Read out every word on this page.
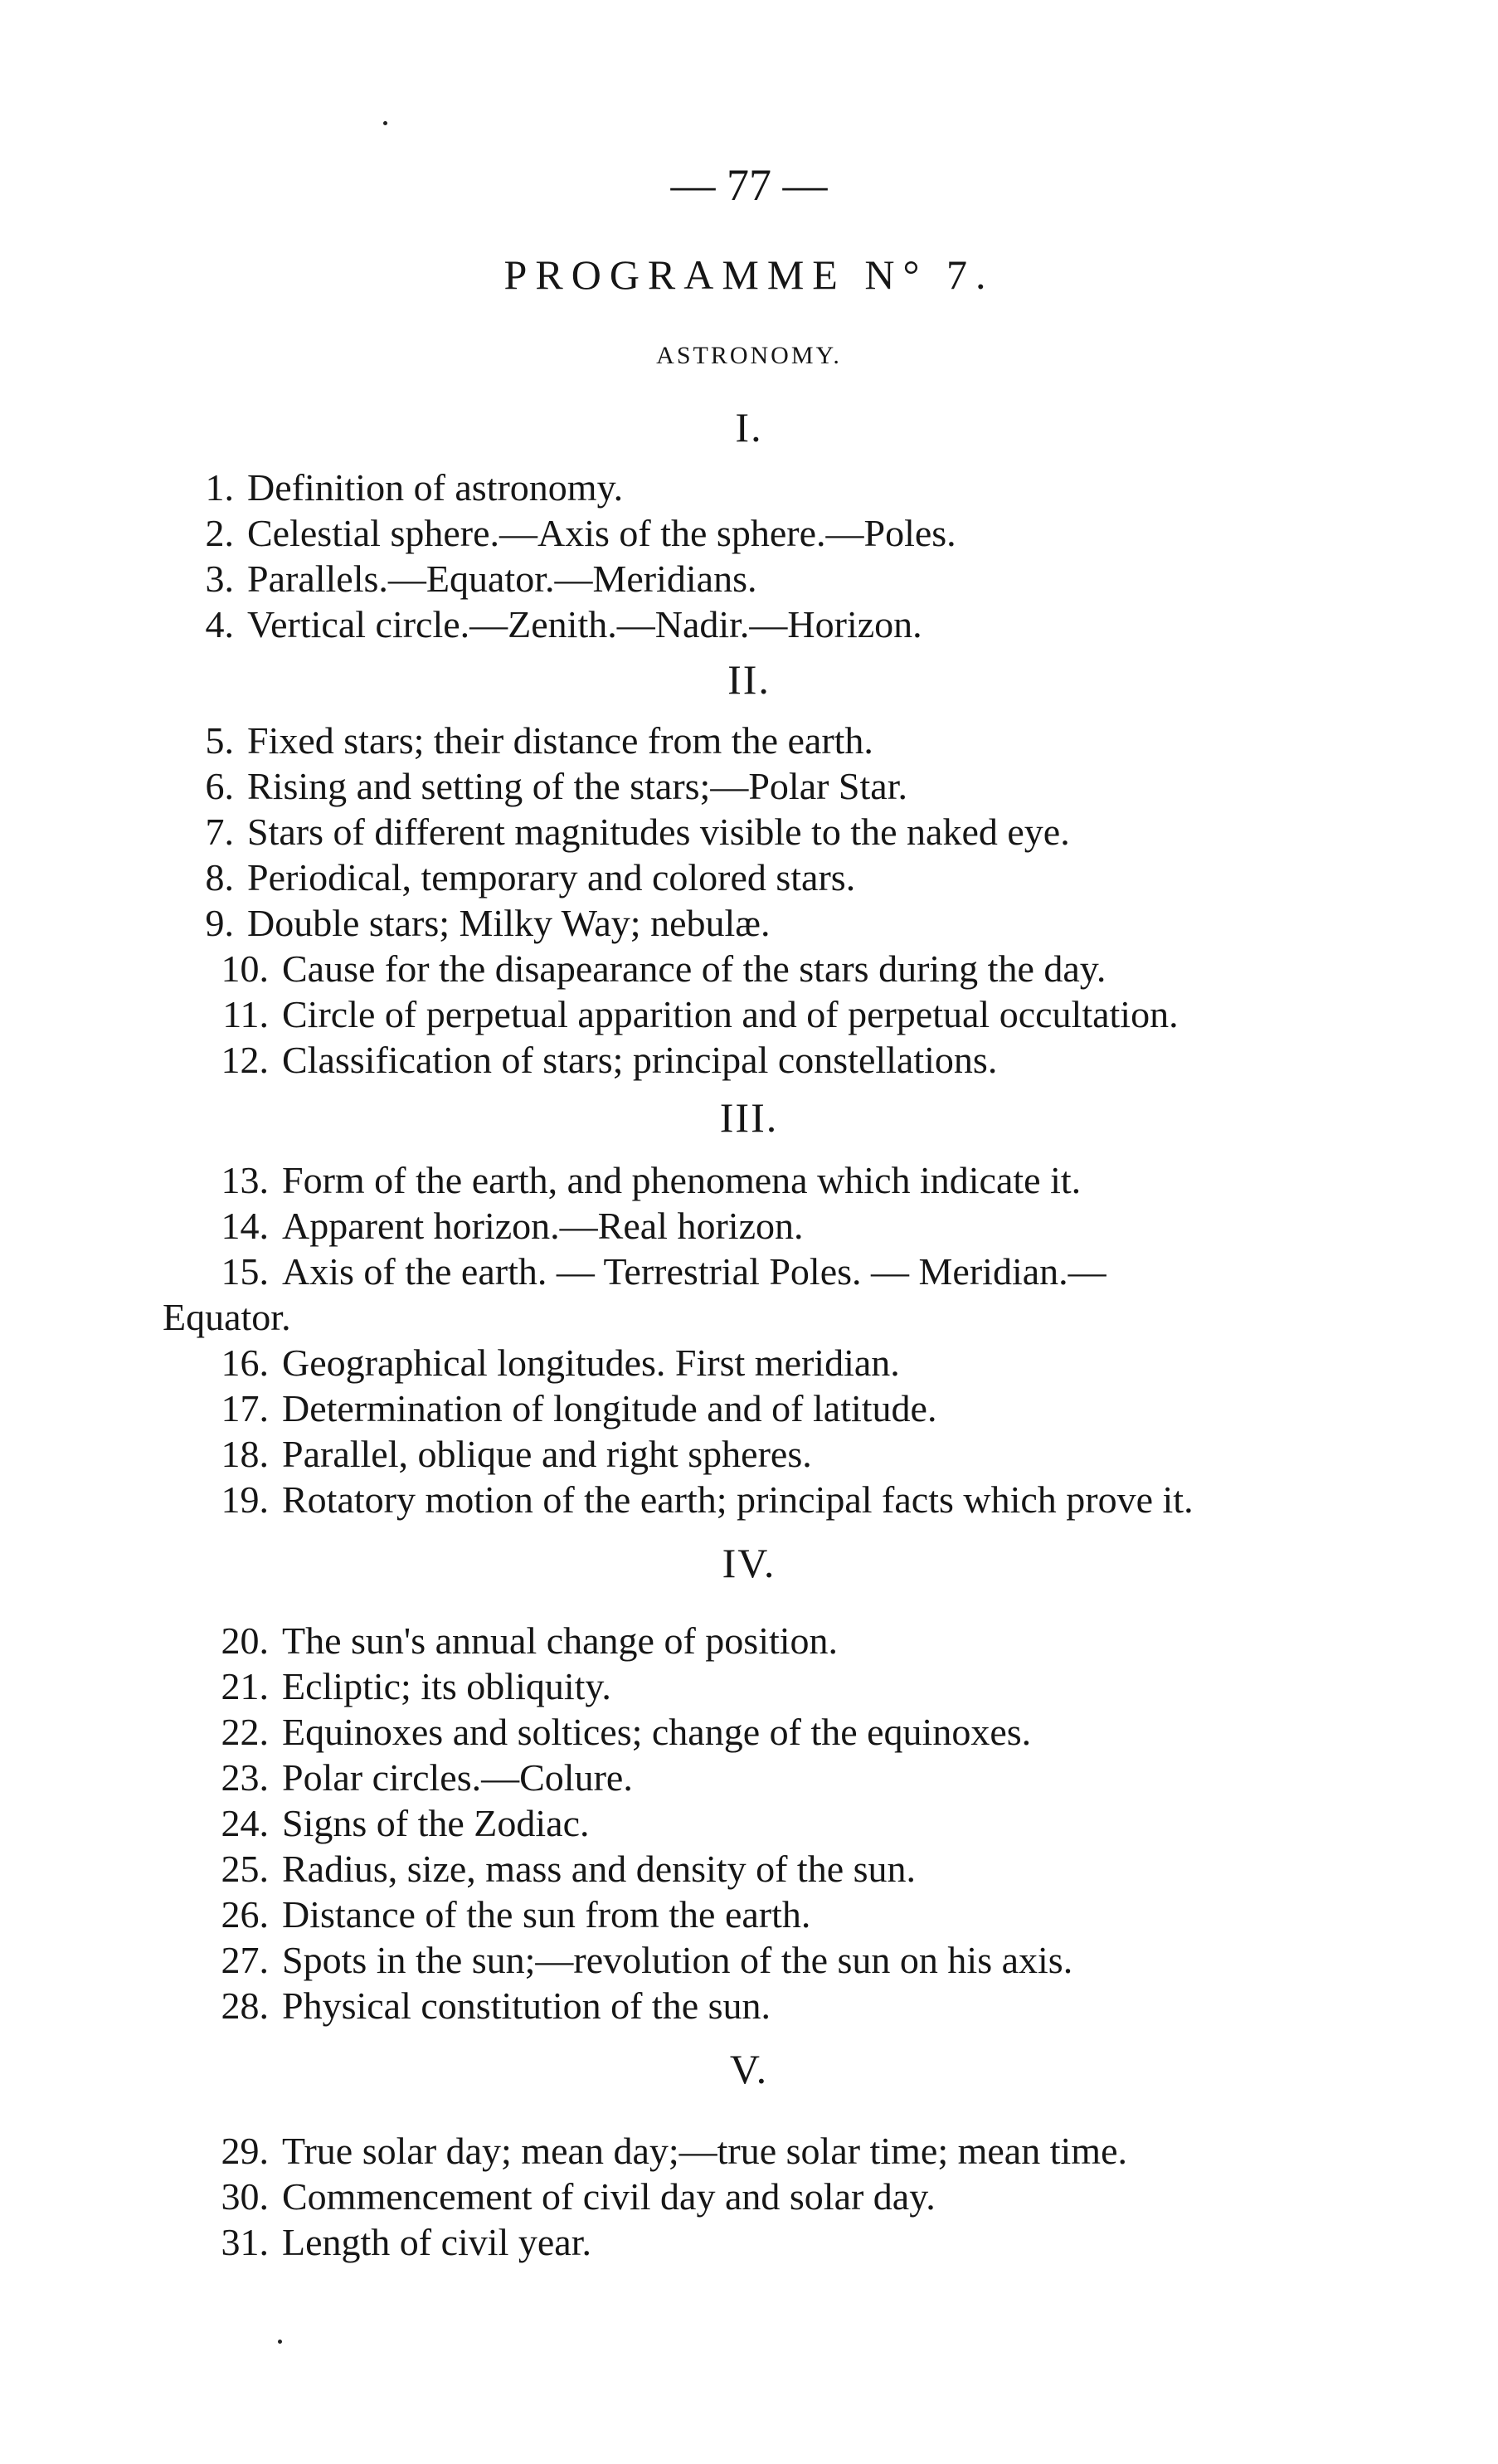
— 77 —
PROGRAMME N° 7.
ASTRONOMY.
I.
1. Definition of astronomy.
2. Celestial sphere.—Axis of the sphere.—Poles.
3. Parallels.—Equator.—Meridians.
4. Vertical circle.—Zenith.—Nadir.—Horizon.
II.
5. Fixed stars; their distance from the earth.
6. Rising and setting of the stars;—Polar Star.
7. Stars of different magnitudes visible to the naked eye.
8. Periodical, temporary and colored stars.
9. Double stars; Milky Way; nebulæ.
10. Cause for the disapearance of the stars during the day.
11. Circle of perpetual apparition and of perpetual occultation.
12. Classification of stars; principal constellations.
III.
13. Form of the earth, and phenomena which indicate it.
14. Apparent horizon.—Real horizon.
15. Axis of the earth. — Terrestrial Poles. — Meridian.—
Equator.
16. Geographical longitudes. First meridian.
17. Determination of longitude and of latitude.
18. Parallel, oblique and right spheres.
19. Rotatory motion of the earth; principal facts which prove it.
IV.
20. The sun's annual change of position.
21. Ecliptic; its obliquity.
22. Equinoxes and soltices; change of the equinoxes.
23. Polar circles.—Colure.
24. Signs of the Zodiac.
25. Radius, size, mass and density of the sun.
26. Distance of the sun from the earth.
27. Spots in the sun;—revolution of the sun on his axis.
28. Physical constitution of the sun.
V.
29. True solar day; mean day;—true solar time; mean time.
30. Commencement of civil day and solar day.
31. Length of civil year.
